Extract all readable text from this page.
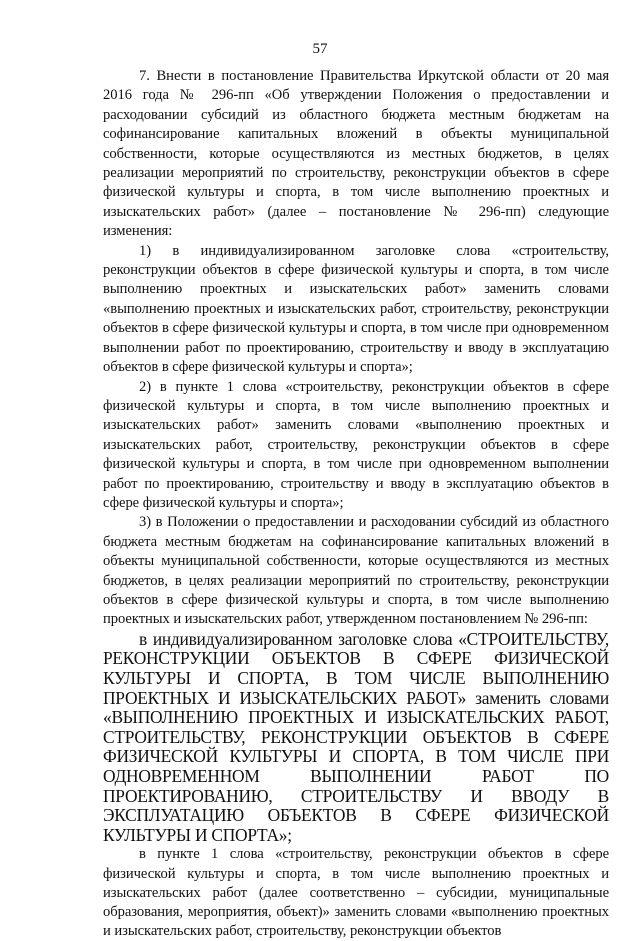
57

7. Внести в постановление Правительства Иркутской области от 20 мая 2016 года № 296-пп «Об утверждении Положения о предоставлении и расходовании субсидий из областного бюджета местным бюджетам на софинансирование капитальных вложений в объекты муниципальной собственности, которые осуществляются из местных бюджетов, в целях реализации мероприятий по строительству, реконструкции объектов в сфере физической культуры и спорта, в том числе выполнению проектных и изыскательских работ» (далее – постановление № 296-пп) следующие изменения:

1) в индивидуализированном заголовке слова «строительству, реконструкции объектов в сфере физической культуры и спорта, в том числе выполнению проектных и изыскательских работ» заменить словами «выполнению проектных и изыскательских работ, строительству, реконструкции объектов в сфере физической культуры и спорта, в том числе при одновременном выполнении работ по проектированию, строительству и вводу в эксплуатацию объектов в сфере физической культуры и спорта»;

2) в пункте 1 слова «строительству, реконструкции объектов в сфере физической культуры и спорта, в том числе выполнению проектных и изыскательских работ» заменить словами «выполнению проектных и изыскательских работ, строительству, реконструкции объектов в сфере физической культуры и спорта, в том числе при одновременном выполнении работ по проектированию, строительству и вводу в эксплуатацию объектов в сфере физической культуры и спорта»;

3) в Положении о предоставлении и расходовании субсидий из областного бюджета местным бюджетам на софинансирование капитальных вложений в объекты муниципальной собственности, которые осуществляются из местных бюджетов, в целях реализации мероприятий по строительству, реконструкции объектов в сфере физической культуры и спорта, в том числе выполнению проектных и изыскательских работ, утвержденном постановлением № 296-пп:

в индивидуализированном заголовке слова «СТРОИТЕЛЬСТВУ, РЕКОНСТРУКЦИИ ОБЪЕКТОВ В СФЕРЕ ФИЗИЧЕСКОЙ КУЛЬТУРЫ И СПОРТА, В ТОМ ЧИСЛЕ ВЫПОЛНЕНИЮ ПРОЕКТНЫХ И ИЗЫСКАТЕЛЬСКИХ РАБОТ» заменить словами «ВЫПОЛНЕНИЮ ПРОЕКТНЫХ И ИЗЫСКАТЕЛЬСКИХ РАБОТ, СТРОИТЕЛЬСТВУ, РЕКОНСТРУКЦИИ ОБЪЕКТОВ В СФЕРЕ ФИЗИЧЕСКОЙ КУЛЬТУРЫ И СПОРТА, В ТОМ ЧИСЛЕ ПРИ ОДНОВРЕМЕННОМ ВЫПОЛНЕНИИ РАБОТ ПО ПРОЕКТИРОВАНИЮ, СТРОИТЕЛЬСТВУ И ВВОДУ В ЭКСПЛУАТАЦИЮ ОБЪЕКТОВ В СФЕРЕ ФИЗИЧЕСКОЙ КУЛЬТУРЫ И СПОРТА»;

в пункте 1 слова «строительству, реконструкции объектов в сфере физической культуры и спорта, в том числе выполнению проектных и изыскательских работ (далее соответственно – субсидии, муниципальные образования, мероприятия, объект)» заменить словами «выполнению проектных и изыскательских работ, строительству, реконструкции объектов
